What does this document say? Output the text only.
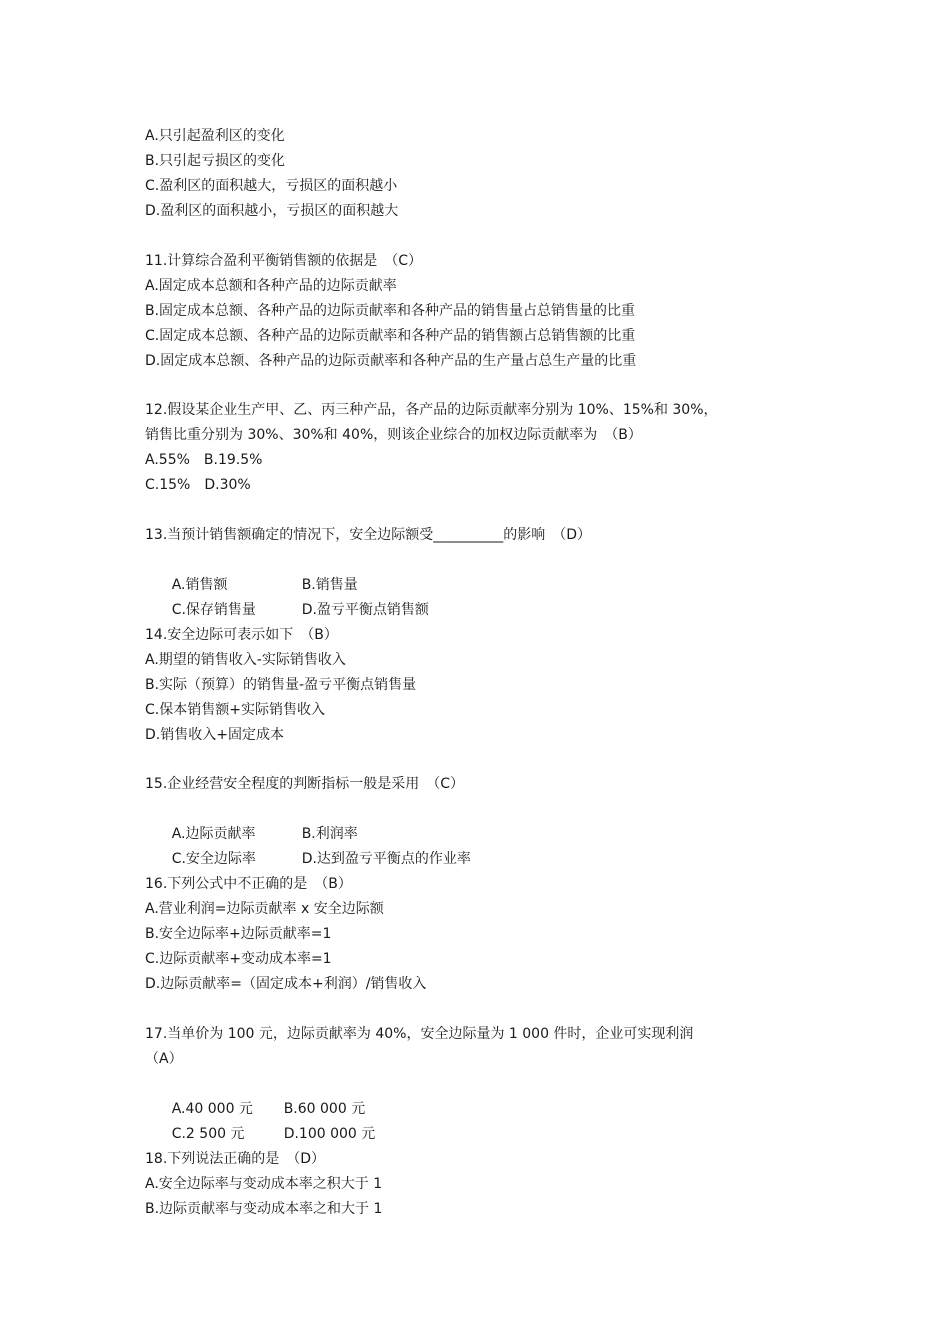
A.只引起盈利区的变化
B.只引起亏损区的变化
C.盈利区的面积越大，亏损区的面积越小
D.盈利区的面积越小，亏损区的面积越大
11.计算综合盈利平衡销售额的依据是　（C）
A.固定成本总额和各种产品的边际贡献率
B.固定成本总额、各种产品的边际贡献率和各种产品的销售量占总销售量的比重
C.固定成本总额、各种产品的边际贡献率和各种产品的销售额占总销售额的比重
D.固定成本总额、各种产品的边际贡献率和各种产品的生产量占总生产量的比重
12.假设某企业生产甲、乙、丙三种产品，各产品的边际贡献率分别为 10%、15%和 30%，
销售比重分别为 30%、30%和 40%，则该企业综合的加权边际贡献率为　（B）
A.55%　B.19.5%
C.15%　D.30%
13.当预计销售额确定的情况下，安全边际额受__________的影响　（D）

A.销售额	B.销售量

C.保存销售量	D.盈亏平衡点销售额

14.安全边际可表示如下　（B）
A.期望的销售收入-实际销售收入
B.实际（预算）的销售量-盈亏平衡点销售量
C.保本销售额+实际销售收入
D.销售收入+固定成本
15.企业经营安全程度的判断指标一般是采用　（C）

A.边际贡献率	B.利润率

C.安全边际率	D.达到盈亏平衡点的作业率

16.下列公式中不正确的是　（B）
A.营业利润=边际贡献率 x 安全边际额
B.安全边际率+边际贡献率=1
C.边际贡献率+变动成本率=1
D.边际贡献率=（固定成本+利润）/销售收入
17.当单价为 100 元，边际贡献率为 40%，安全边际量为 1 000 件时，企业可实现利润
（A）

A.40 000 元 B.60 000 元

C.2 500 元	D.100 000 元

18.下列说法正确的是　（D）
A.安全边际率与变动成本率之积大于 1
B.边际贡献率与变动成本率之和大于 1
